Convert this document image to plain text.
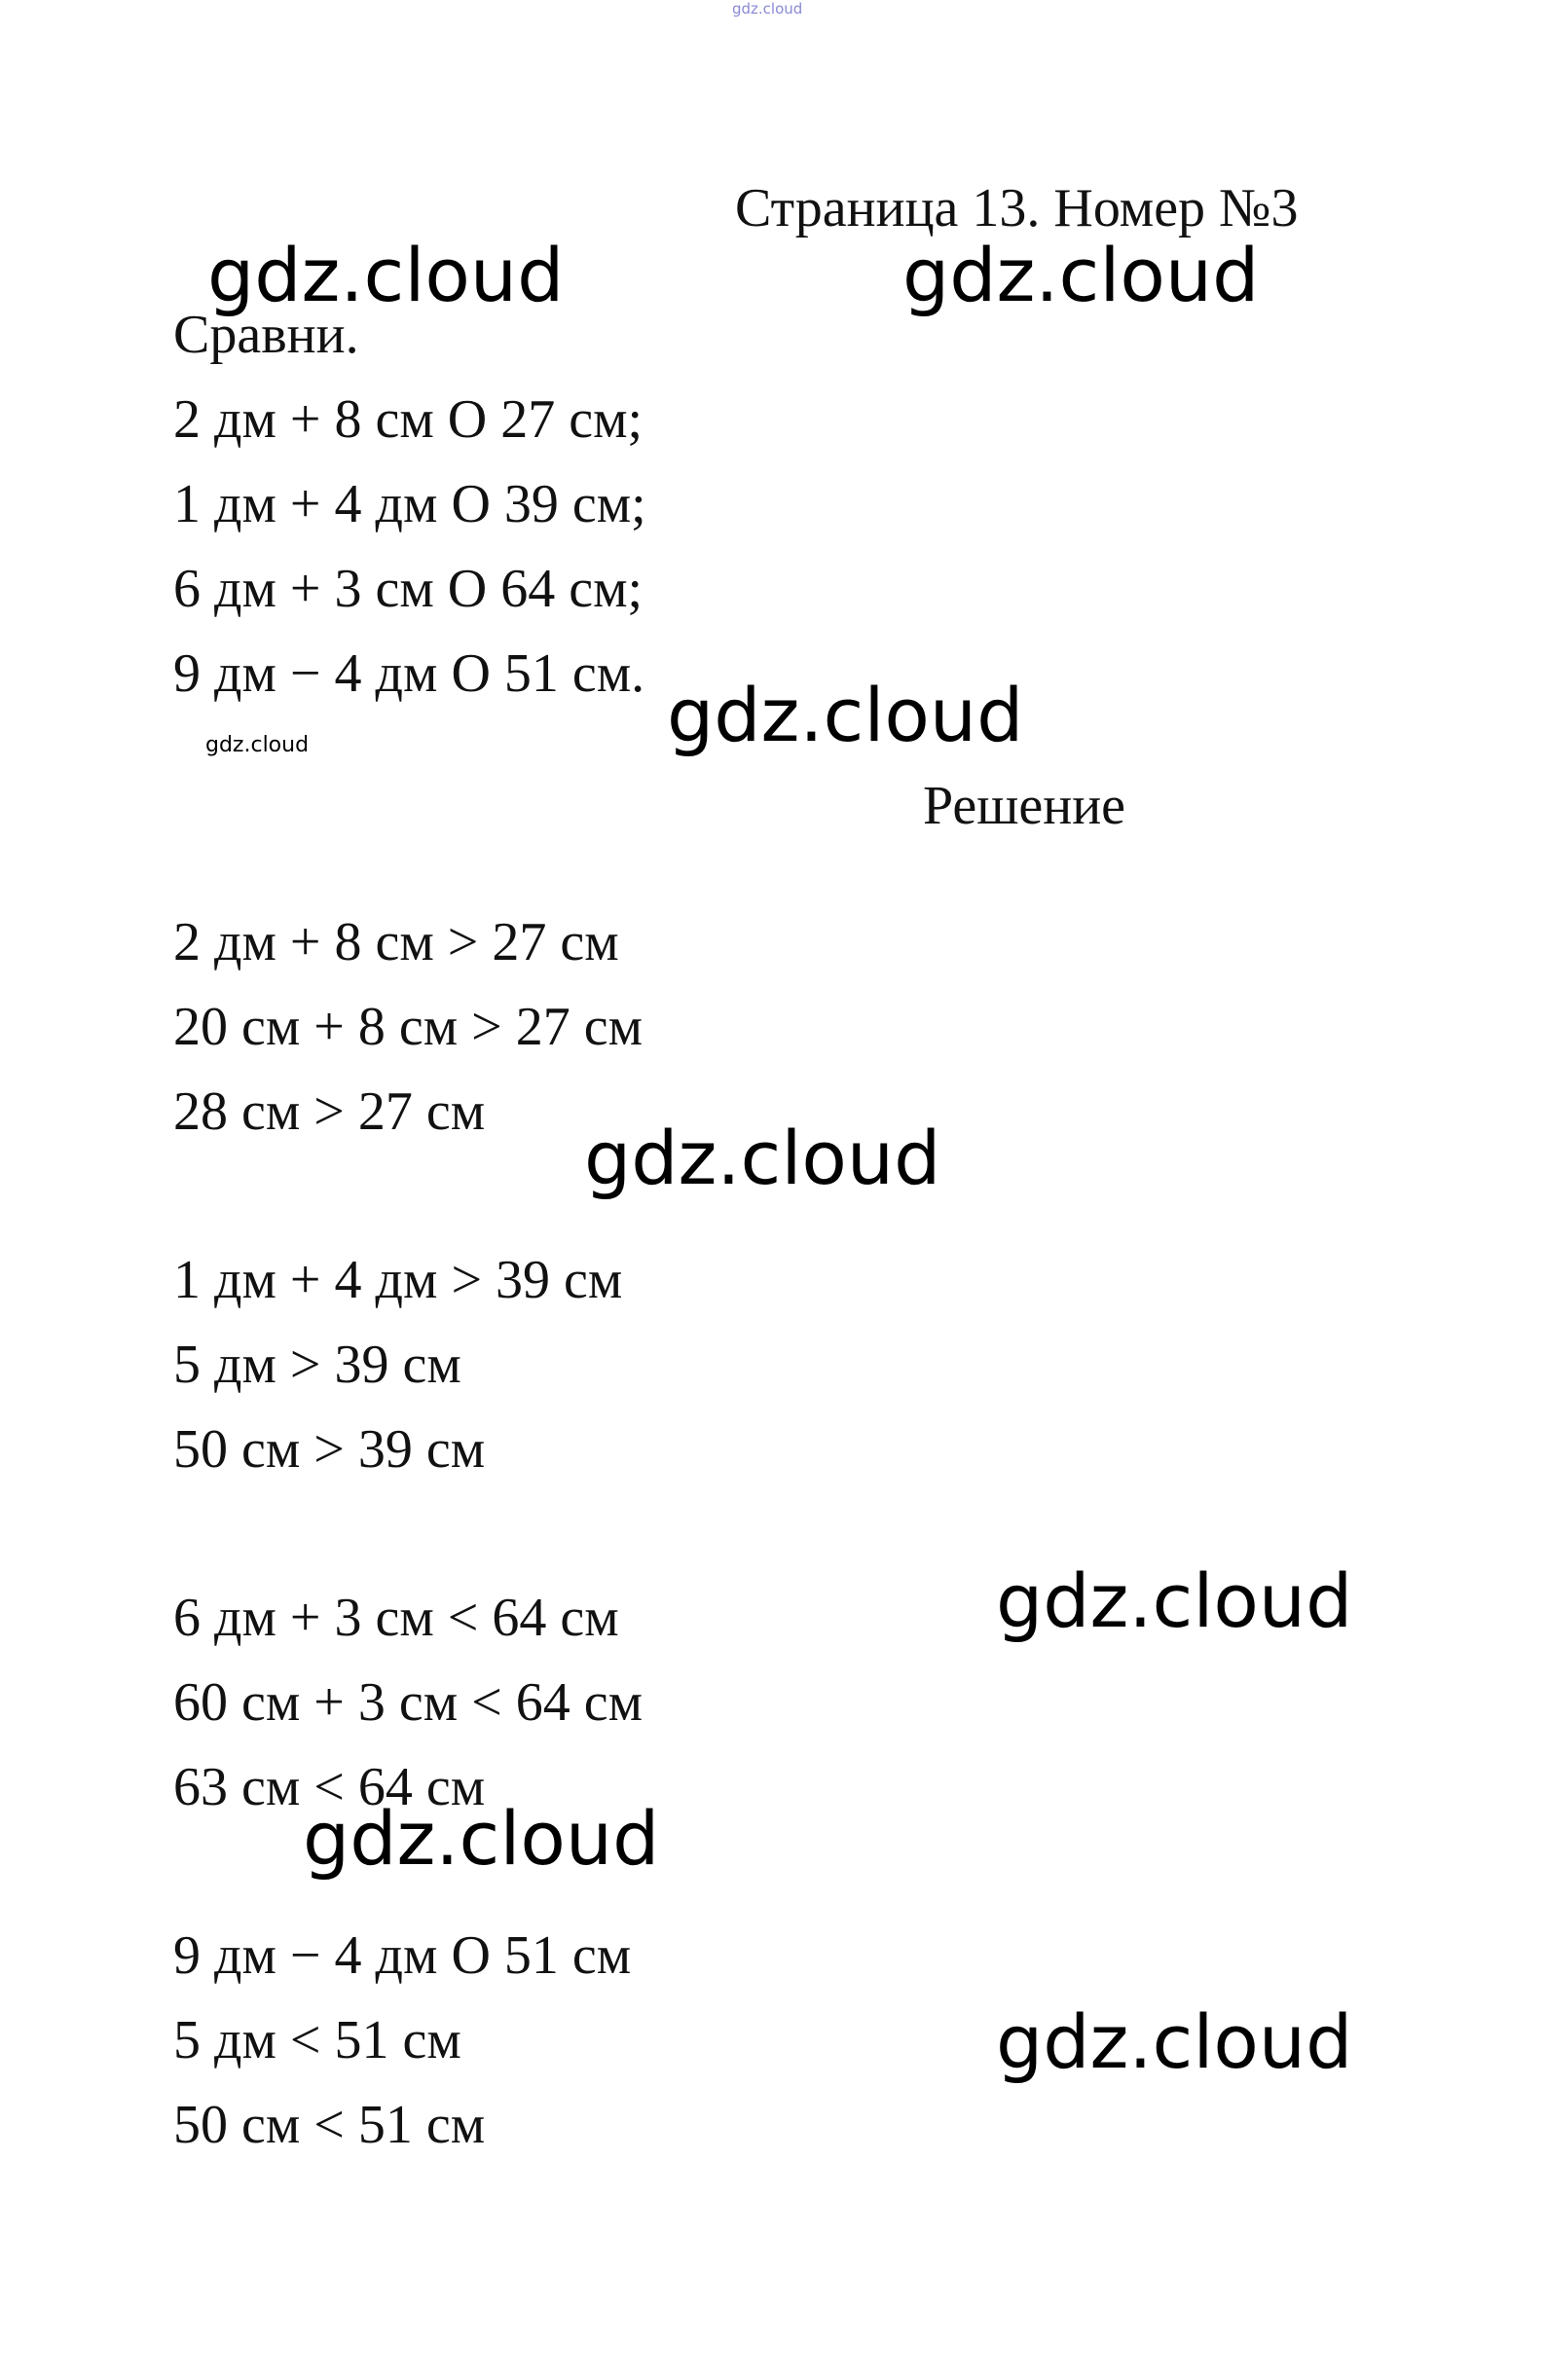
gdz.cloud
Страница 13. Номер №3
gdz.cloud	gdz.cloud
gdz.cloud
gdz.cloud
gdz.cloud
gdz.cloud
gdz.cloud
gdz.cloud
Сравни.
2 дм + 8 см О 27 см;
1 дм + 4 дм О 39 см;
6 дм + 3 см О 64 см;
9 дм − 4 дм О 51 см.
Решение
2 дм + 8 см > 27 см
20 см + 8 см > 27 см
28 см > 27 см
1 дм + 4 дм > 39 см
5 дм > 39 см
50 см > 39 см
6 дм + 3 см < 64 см
60 см + 3 см < 64 см
63 см < 64 см
9 дм − 4 дм О 51 см
5 дм < 51 см
50 см < 51 см
